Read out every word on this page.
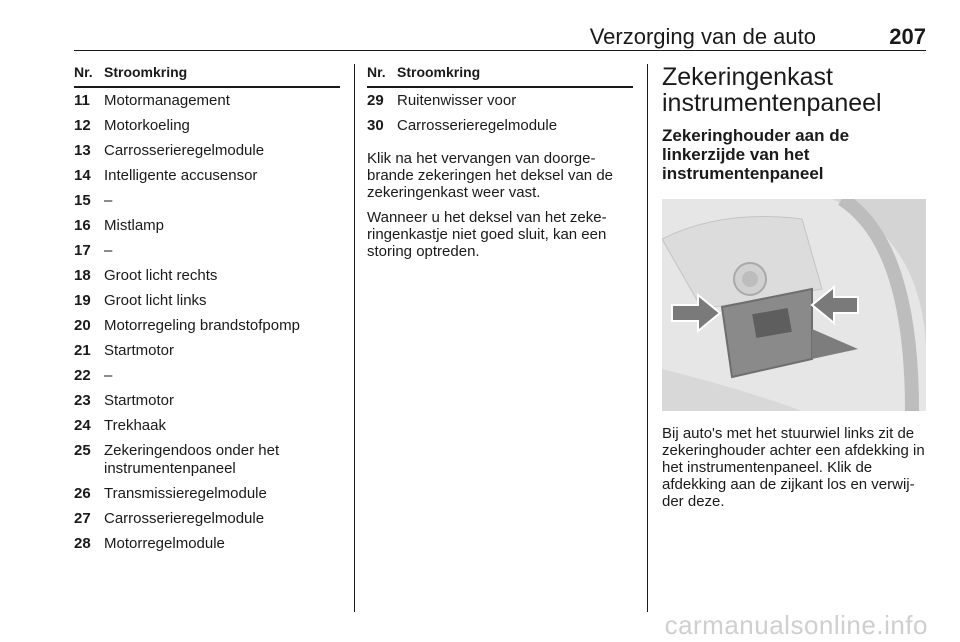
Verzorging van de auto	207
Nr. Stroomkring
11 Motormanagement
12 Motorkoeling
13 Carrosserieregelmodule
14 Intelligente accusensor
15 –
16 Mistlamp
17 –
18 Groot licht rechts
19 Groot licht links
20 Motorregeling brandstofpomp
21 Startmotor
22 –
23 Startmotor
24 Trekhaak
25 Zekeringendoos onder het instrumentenpaneel
26 Transmissieregelmodule
27 Carrosserieregelmodule
28 Motorregelmodule
Nr. Stroomkring
29 Ruitenwisser voor
30 Carrosserieregelmodule

Klik na het vervangen van doorge-brande zekeringen het deksel van de zekeringenkast weer vast.

Wanneer u het deksel van het zeke-ringenkastje niet goed sluit, kan een storing optreden.

Zekeringenkast instrumentenpaneel
Zekeringhouder aan de linkerzijde van het instrumentenpaneel

Bij auto's met het stuurwiel links zit de zekeringhouder achter een afdekking in het instrumentenpaneel. Klik de afdekking aan de zijkant los en verwij-der deze.

carmanualsonline.info
